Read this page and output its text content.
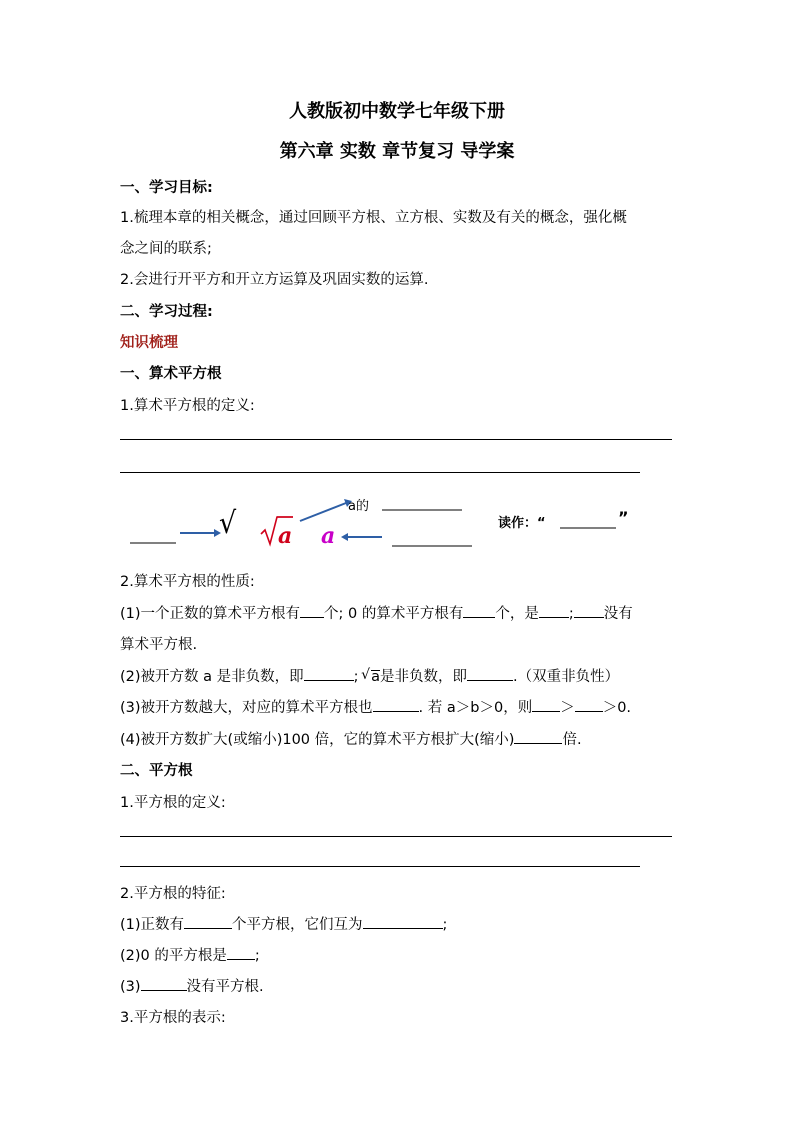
人教版初中数学七年级下册
第六章 实数 章节复习 导学案
一、学习目标:
1.梳理本章的相关概念，通过回顾平方根、立方根、实数及有关的概念，强化概
念之间的联系;
2.会进行开平方和开立方运算及巩固实数的运算.
二、学习过程:
知识梳理
一、算术平方根
1.算术平方根的定义:
√ a a
a的
读作：“	”
2.算术平方根的性质:
(1)一个正数的算术平方根有 个; 0 的算术平方根有 个，是 ; 没有
算术平方根.
(2)被开方数 a 是非负数，即	; √ a是非负数，即	.（双重非负性）
(3)被开方数越大，对应的算术平方根也	. 若 a＞b＞0，则 ＞ ＞0.
(4)被开方数扩大(或缩小)100 倍，它的算术平方根扩大(缩小)	倍.
二、平方根
1.平方根的定义:
2.平方根的特征:
(1)正数有	个平方根，它们互为	;
(2)0 的平方根是 ;
(3)	没有平方根.
3.平方根的表示:
